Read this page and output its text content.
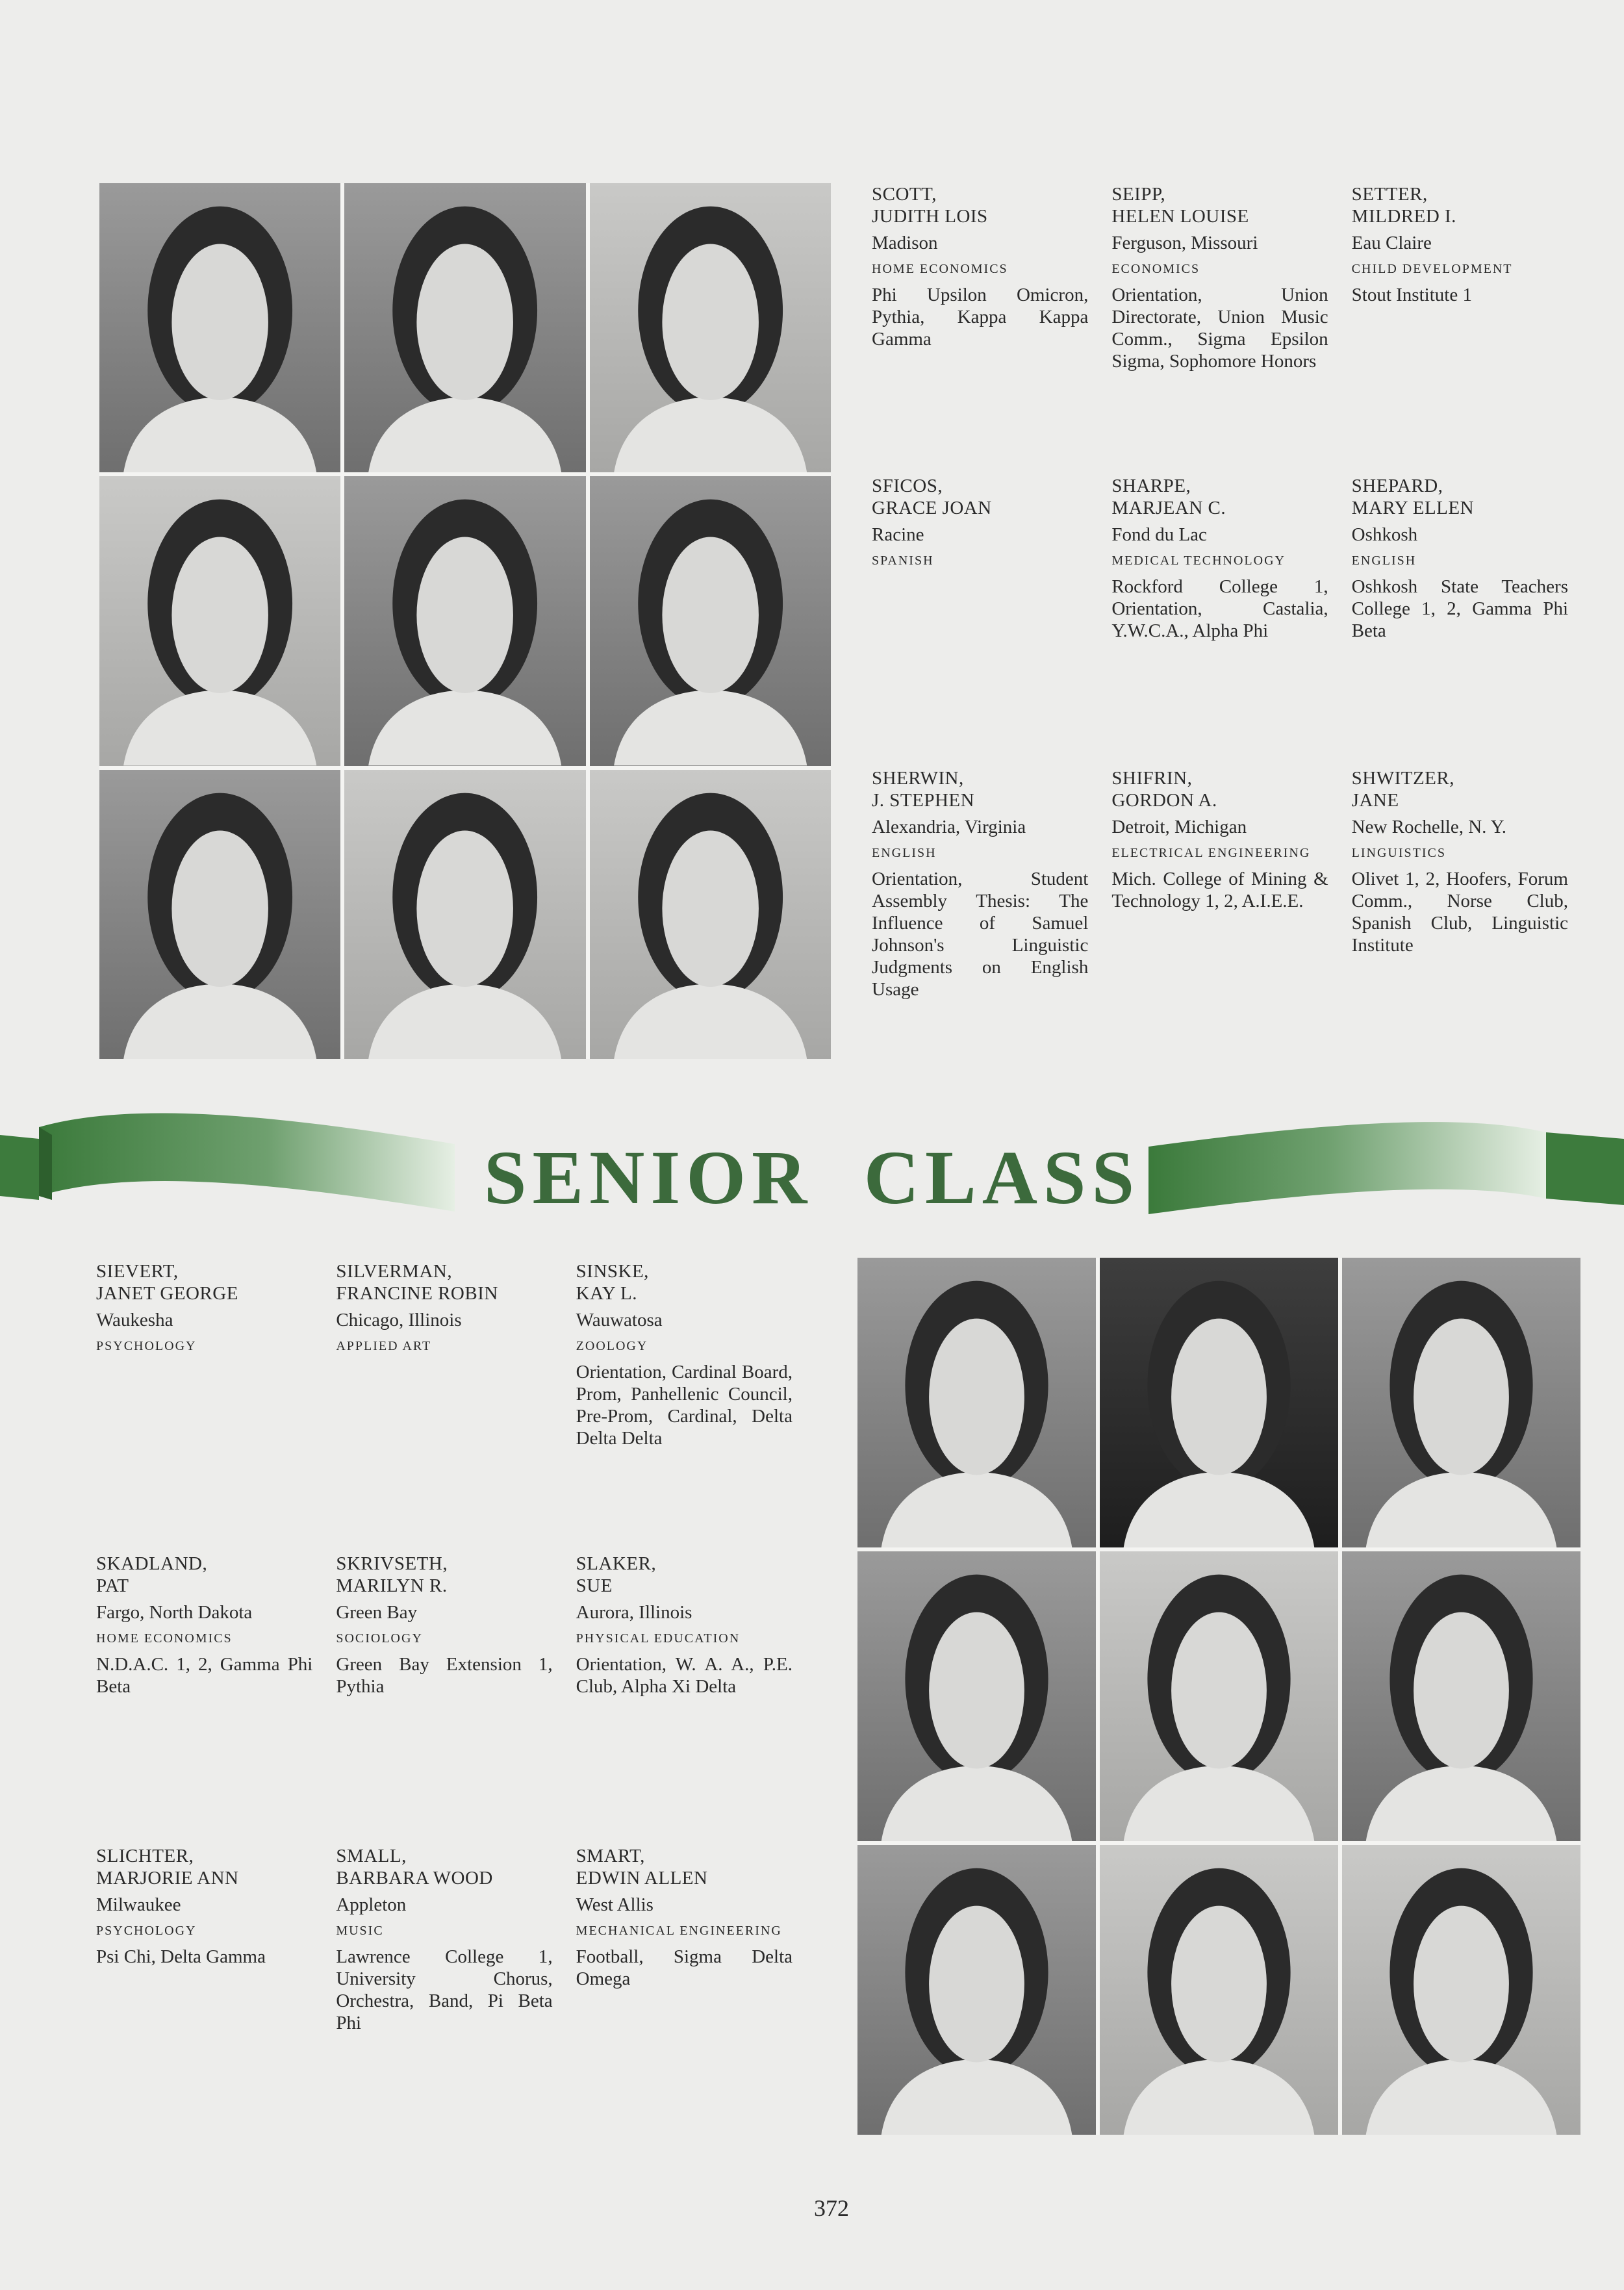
SCOTT,
JUDITH LOIS
Madison
HOME ECONOMICS
Phi Upsilon Omicron, Pythia, Kappa Kappa Gamma
SEIPP,
HELEN LOUISE
Ferguson, Missouri
ECONOMICS
Orientation, Union Directorate, Union Music Comm., Sigma Epsilon Sigma, Sophomore Honors
SETTER,
MILDRED I.
Eau Claire
CHILD DEVELOPMENT
Stout Institute 1
SFICOS,
GRACE JOAN
Racine
SPANISH
SHARPE,
MARJEAN C.
Fond du Lac
MEDICAL TECHNOLOGY
Rockford College 1, Orientation, Castalia, Y.W.C.A., Alpha Phi
SHEPARD,
MARY ELLEN
Oshkosh
ENGLISH
Oshkosh State Teachers College 1, 2, Gamma Phi Beta
SHERWIN,
J. STEPHEN
Alexandria, Virginia
ENGLISH
Orientation, Student Assembly Thesis: The Influence of Samuel Johnson's Linguistic Judgments on English Usage
SHIFRIN,
GORDON A.
Detroit, Michigan
ELECTRICAL ENGINEERING
Mich. College of Mining & Technology 1, 2, A.I.E.E.
SHWITZER,
JANE
New Rochelle, N. Y.
LINGUISTICS
Olivet 1, 2, Hoofers, Forum Comm., Norse Club, Spanish Club, Linguistic Institute
SENIOR CLASS
SIEVERT,
JANET GEORGE
Waukesha
PSYCHOLOGY
SILVERMAN,
FRANCINE ROBIN
Chicago, Illinois
APPLIED ART
SINSKE,
KAY L.
Wauwatosa
ZOOLOGY
Orientation, Cardinal Board, Prom, Panhellenic Council, Pre-Prom, Cardinal, Delta Delta Delta
SKADLAND,
PAT
Fargo, North Dakota
HOME ECONOMICS
N.D.A.C. 1, 2, Gamma Phi Beta
SKRIVSETH,
MARILYN R.
Green Bay
SOCIOLOGY
Green Bay Extension 1, Pythia
SLAKER,
SUE
Aurora, Illinois
PHYSICAL EDUCATION
Orientation, W. A. A., P.E. Club, Alpha Xi Delta
SLICHTER,
MARJORIE ANN
Milwaukee
PSYCHOLOGY
Psi Chi, Delta Gamma
SMALL,
BARBARA WOOD
Appleton
MUSIC
Lawrence College 1, University Chorus, Orchestra, Band, Pi Beta Phi
SMART,
EDWIN ALLEN
West Allis
MECHANICAL ENGINEERING
Football, Sigma Delta Omega
372
